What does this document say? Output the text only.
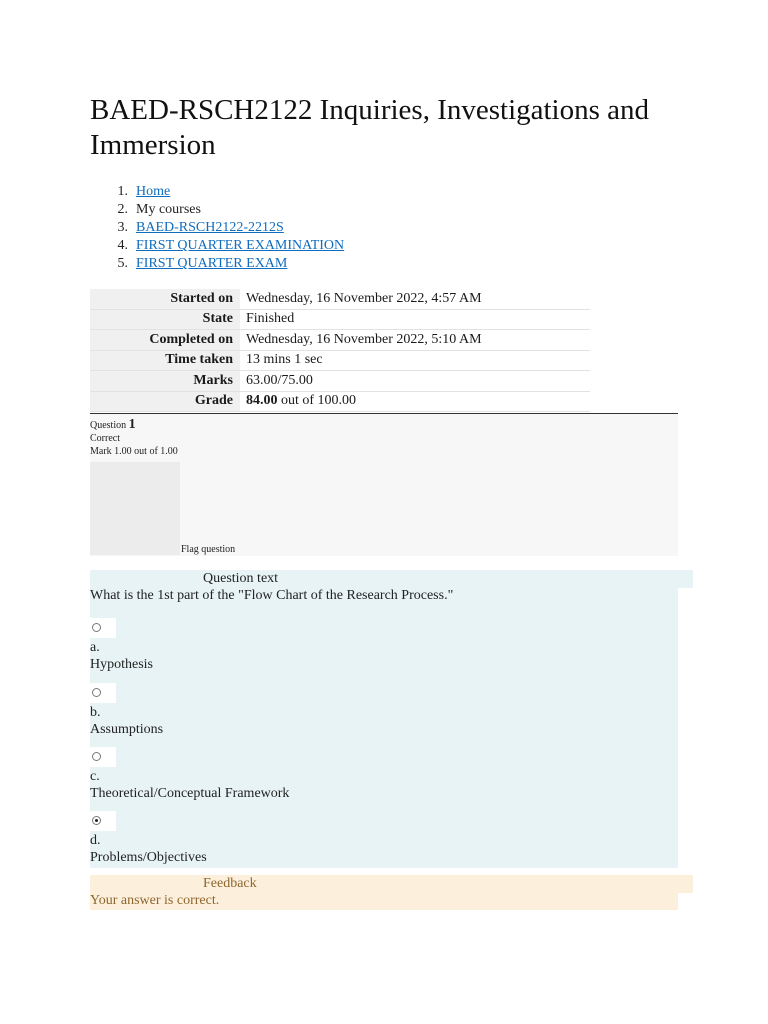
BAED-RSCH2122 Inquiries, Investigations and Immersion
1. Home
2. My courses
3. BAED-RSCH2122-2212S
4. FIRST QUARTER EXAMINATION
5. FIRST QUARTER EXAM
Started on	Wednesday, 16 November 2022, 4:57 AM
State	Finished
Completed on	Wednesday, 16 November 2022, 5:10 AM
Time taken	13 mins 1 sec
Marks	63.00/75.00
Grade	84.00 out of 100.00
Question 1
Correct
Mark 1.00 out of 1.00
Flag question
Question text
What is the 1st part of the "Flow Chart of the Research Process."
a.
Hypothesis
b.
Assumptions
c.
Theoretical/Conceptual Framework
d.
Problems/Objectives
Feedback
Your answer is correct.
